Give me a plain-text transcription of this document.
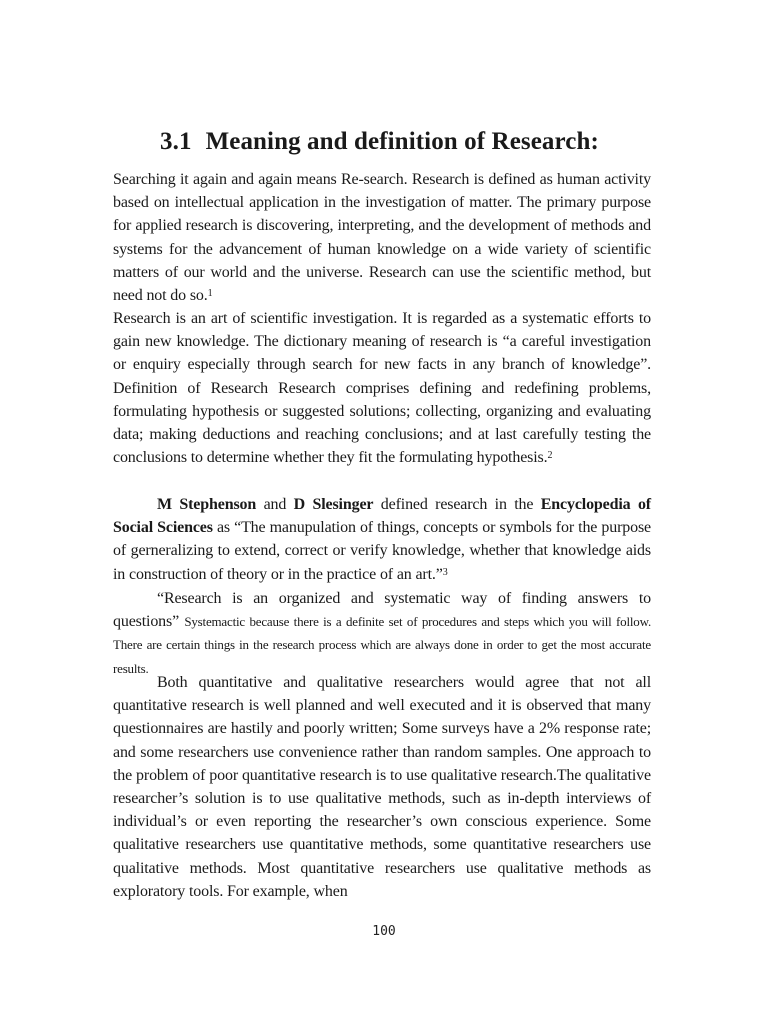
3.1 Meaning and definition of Research:

Searching it again and again means Re-search. Research is defined as human activity based on intellectual application in the investigation of matter. The primary purpose for applied research is discovering, interpreting, and the development of methods and systems for the advancement of human knowledge on a wide variety of scientific matters of our world and the universe. Research can use the scientific method, but need not do so.$^1$

Research is an art of scientific investigation. It is regarded as a systematic efforts to gain new knowledge. The dictionary meaning of research is “a careful investigation or enquiry especially through search for new facts in any branch of knowledge”. Definition of Research Research comprises defining and redefining problems, formulating hypothesis or suggested solutions; collecting, organizing and evaluating data; making deductions and reaching conclusions; and at last carefully testing the conclusions to determine whether they fit the formulating hypothesis.$^2$

M Stephenson and D Slesinger defined research in the Encyclopedia of Social Sciences as “The manupulation of things, concepts or symbols for the purpose of gerneralizing to extend, correct or verify knowledge, whether that knowledge aids in construction of theory or in the practice of an art.”$^3$

“Research is an organized and systematic way of finding answers to questions” Systemactic because there is a definite set of procedures and steps which you will follow. There are certain things in the research process which are always done in order to get the most accurate results.

Both quantitative and qualitative researchers would agree that not all quantitative research is well planned and well executed and it is observed that many questionnaires are hastily and poorly written; Some surveys have a 2% response rate; and some researchers use convenience rather than random samples. One approach to the problem of poor quantitative research is to use qualitative research.The qualitative researcher’s solution is to use qualitative methods, such as in-depth interviews of individual’s or even reporting the researcher’s own conscious experience. Some qualitative researchers use quantitative methods, some quantitative researchers use qualitative methods. Most quantitative researchers use qualitative methods as exploratory tools. For example, when

100
